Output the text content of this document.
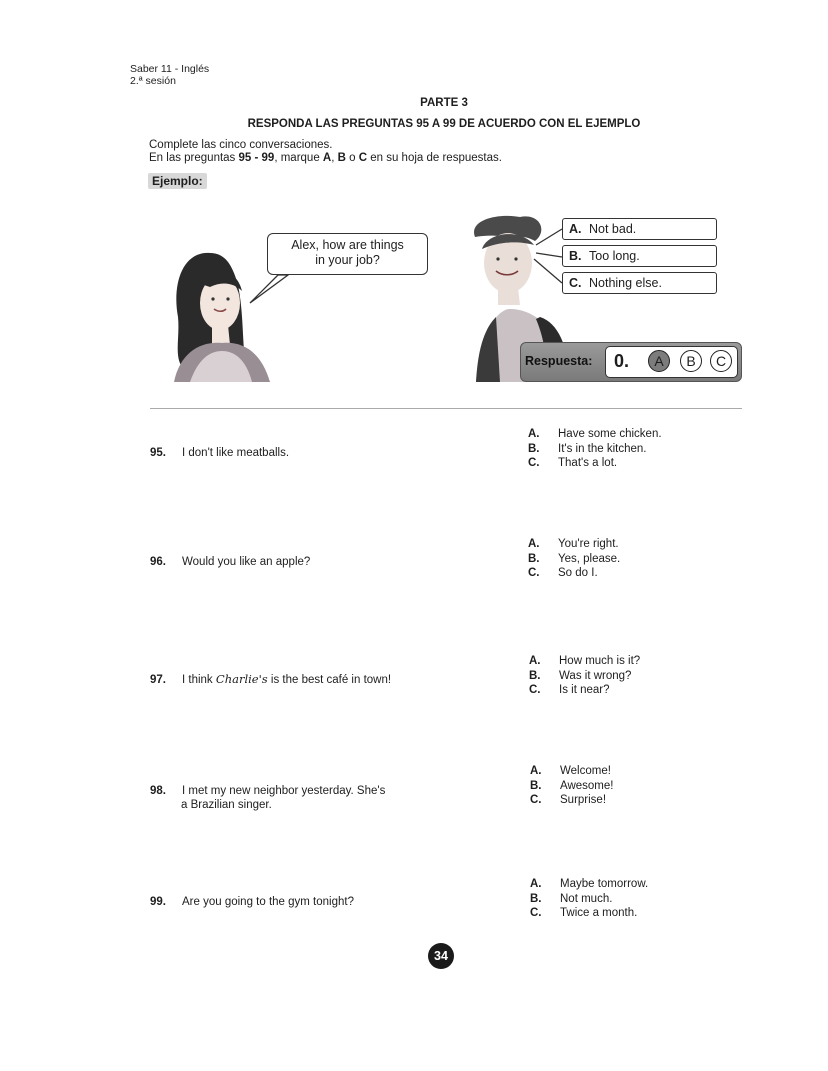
Saber 11 - Inglés
2.ª sesión
PARTE 3
RESPONDA LAS PREGUNTAS 95 A 99 DE ACUERDO CON EL EJEMPLO
Complete las cinco conversaciones.
En las preguntas 95 - 99, marque A, B o C en su hoja de respuestas.
Ejemplo:
Alex, how are things
in your job?
A. Not bad.
B. Too long.
C. Nothing else.
Respuesta: 0.	A	B	C
95. I don't like meatballs.
A. Have some chicken.
B. It's in the kitchen.
C. That's a lot.
96. Would you like an apple?
A. You're right.
B. Yes, please.
C. So do I.
97. I think Charlie's is the best café in town!
A. How much is it?
B. Was it wrong?
C. Is it near?
98. I met my new neighbor yesterday. She's
a Brazilian singer.
A. Welcome!
B. Awesome!
C. Surprise!
99. Are you going to the gym tonight?
A. Maybe tomorrow.
B. Not much.
C. Twice a month.
34
